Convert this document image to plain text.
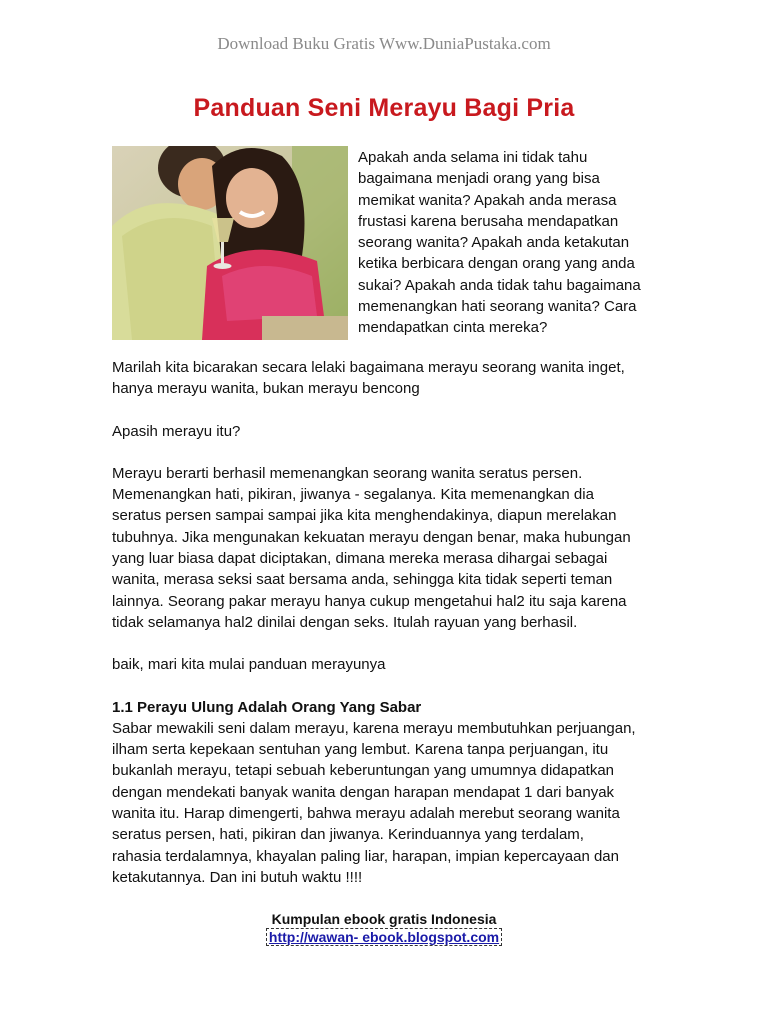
Download Buku Gratis Www.DuniaPustaka.com
Panduan Seni Merayu Bagi Pria
Apakah anda selama ini tidak tahu
bagaimana menjadi orang yang bisa
memikat wanita? Apakah anda merasa
frustasi karena berusaha mendapatkan
seorang wanita? Apakah anda ketakutan
ketika berbicara dengan orang yang anda
sukai? Apakah anda tidak tahu bagaimana
memenangkan hati seorang wanita? Cara
mendapatkan cinta mereka?
Marilah kita bicarakan secara lelaki bagaimana merayu seorang wanita inget,
hanya merayu wanita, bukan merayu bencong
Apasih merayu itu?
Merayu berarti berhasil memenangkan seorang wanita seratus persen.
Memenangkan hati, pikiran, jiwanya - segalanya. Kita memenangkan dia
seratus persen sampai sampai jika kita menghendakinya, diapun merelakan
tubuhnya. Jika mengunakan kekuatan merayu dengan benar, maka hubungan
yang luar biasa dapat diciptakan, dimana mereka merasa dihargai sebagai
wanita, merasa seksi saat bersama anda, sehingga kita tidak seperti teman
lainnya. Seorang pakar merayu hanya cukup mengetahui hal2 itu saja karena
tidak selamanya hal2 dinilai dengan seks. Itulah rayuan yang berhasil.
baik, mari kita mulai panduan merayunya
1.1 Perayu Ulung Adalah Orang Yang Sabar
Sabar mewakili seni dalam merayu, karena merayu membutuhkan perjuangan,
ilham serta kepekaan sentuhan yang lembut. Karena tanpa perjuangan, itu
bukanlah merayu, tetapi sebuah keberuntungan yang umumnya didapatkan
dengan mendekati banyak wanita dengan harapan mendapat 1 dari banyak
wanita itu. Harap dimengerti, bahwa merayu adalah merebut seorang wanita
seratus persen, hati, pikiran dan jiwanya. Kerinduannya yang terdalam,
rahasia terdalamnya, khayalan paling liar, harapan, impian kepercayaan dan
ketakutannya. Dan ini butuh waktu !!!!
Kumpulan ebook gratis Indonesia
http://wawan- ebook.blogspot.com
